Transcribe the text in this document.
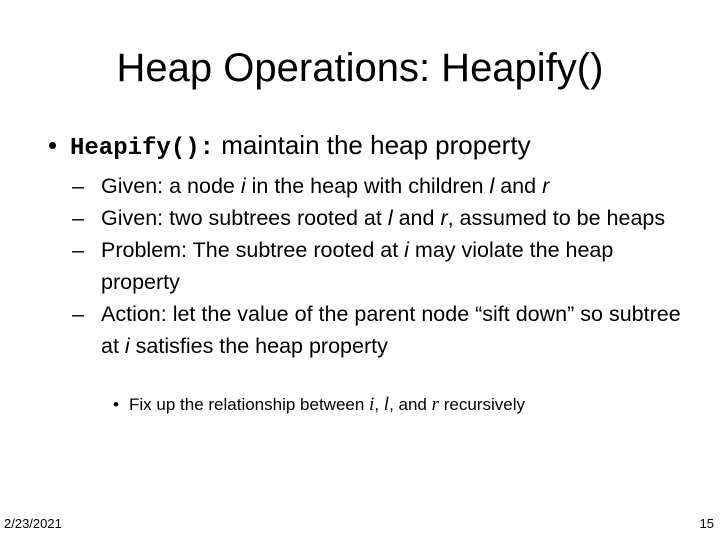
Heap Operations: Heapify()
• Heapify(): maintain the heap property
– Given: a node i in the heap with children l and r
– Given: two subtrees rooted at l and r, assumed to be heaps
– Problem: The subtree rooted at i may violate the heap property
– Action: let the value of the parent node “sift down” so subtree at i satisfies the heap property
• Fix up the relationship between i, l, and r recursively
2/23/2021	15
